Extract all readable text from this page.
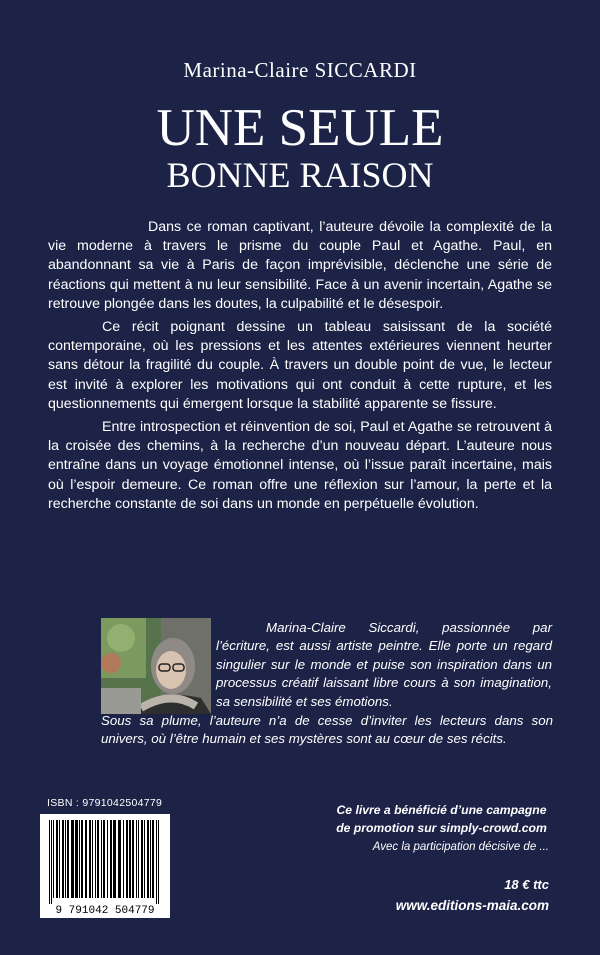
Marina-Claire SICCARDI
UNE SEULE
BONNE RAISON

Dans ce roman captivant, l’auteure dévoile la complexité de la vie moderne à travers le prisme du couple Paul et Agathe. Paul, en abandonnant sa vie à Paris de façon imprévisible, déclenche une série de réactions qui mettent à nu leur sensibilité. Face à un avenir incertain, Agathe se retrouve plongée dans les doutes, la culpabilité et le désespoir.

Ce récit poignant dessine un tableau saisissant de la société contemporaine, où les pressions et les attentes extérieures viennent heurter sans détour la fragilité du couple. À travers un double point de vue, le lecteur est invité à explorer les motivations qui ont conduit à cette rupture, et les questionnements qui émergent lorsque la stabilité apparente se fissure.

Entre introspection et réinvention de soi, Paul et Agathe se retrouvent à la croisée des chemins, à la recherche d’un nouveau départ. L’auteure nous entraîne dans un voyage émotionnel intense, où l’issue paraît incertaine, mais où l’espoir demeure. Ce roman offre une réflexion sur l’amour, la perte et la recherche constante de soi dans un monde en perpétuelle évolution.

Marina-Claire Siccardi, passionnée par l’écriture, est aussi artiste peintre. Elle porte un regard singulier sur le monde et puise son inspiration dans un processus créatif laissant libre cours à son imagination, sa sensibilité et ses émotions.

Sous sa plume, l’auteure n’a de cesse d’inviter les lecteurs dans son univers, où l’être humain et ses mystères sont au cœur de ses récits.

ISBN : 9791042504779
9 791042 504779
Ce livre a bénéficié d’une campagne
de promotion sur simply-crowd.com
Avec la participation décisive de ...
18 € ttc
www.editions-maia.com
